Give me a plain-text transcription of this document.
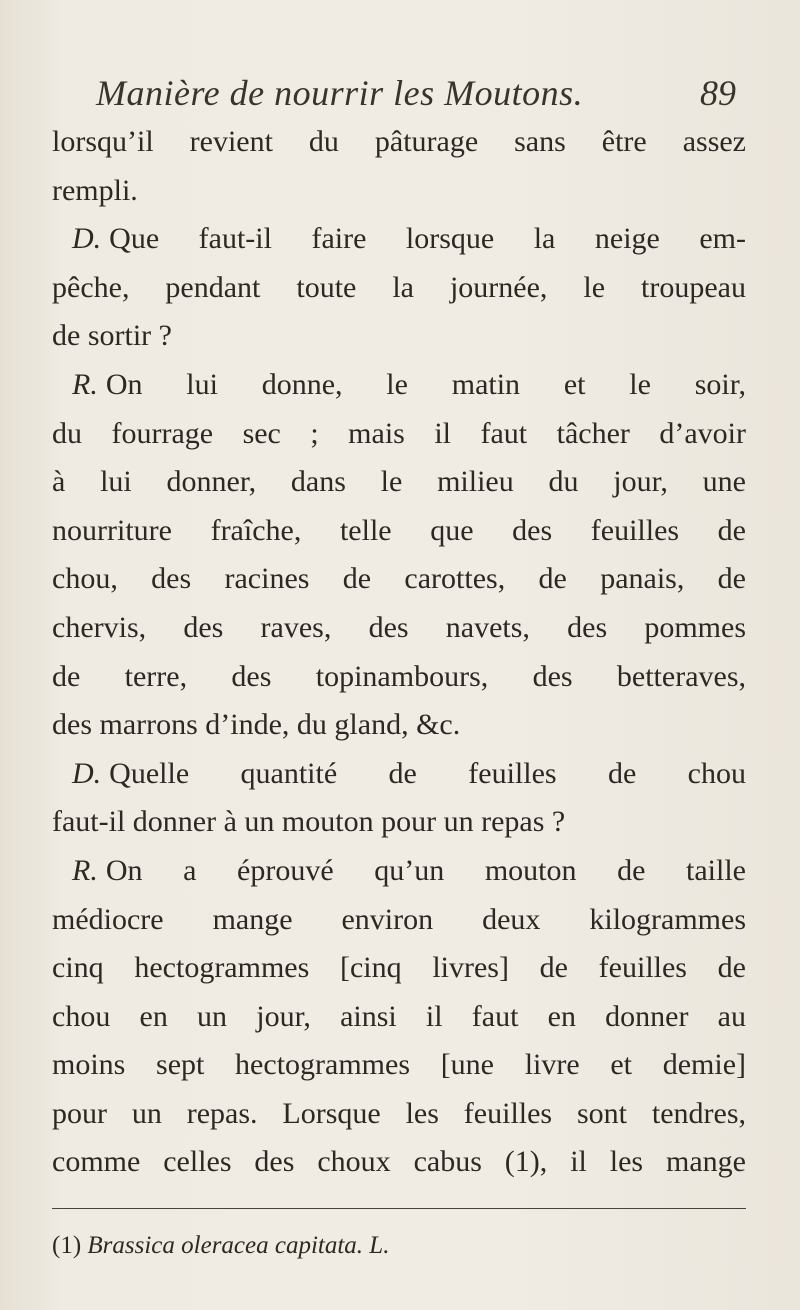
Manière de nourrir les Moutons.	89
lorsqu’il revient du pâturage sans être assez
rempli.
D. Que faut-il faire lorsque la neige em-
pêche, pendant toute la journée, le troupeau
de sortir ?
R. On lui donne, le matin et le soir,
du fourrage sec ; mais il faut tâcher d’avoir
à lui donner, dans le milieu du jour, une
nourriture fraîche, telle que des feuilles de
chou, des racines de carottes, de panais, de
chervis, des raves, des navets, des pommes
de terre, des topinambours, des betteraves,
des marrons d’inde, du gland, &c.
D. Quelle quantité de feuilles de chou
faut-il donner à un mouton pour un repas ?
R. On a éprouvé qu’un mouton de taille
médiocre mange environ deux kilogrammes
cinq hectogrammes [cinq livres] de feuilles de
chou en un jour, ainsi il faut en donner au
moins sept hectogrammes [une livre et demie]
pour un repas. Lorsque les feuilles sont tendres,
comme celles des choux cabus (1), il les mange
(1) Brassica oleracea capitata. L.
